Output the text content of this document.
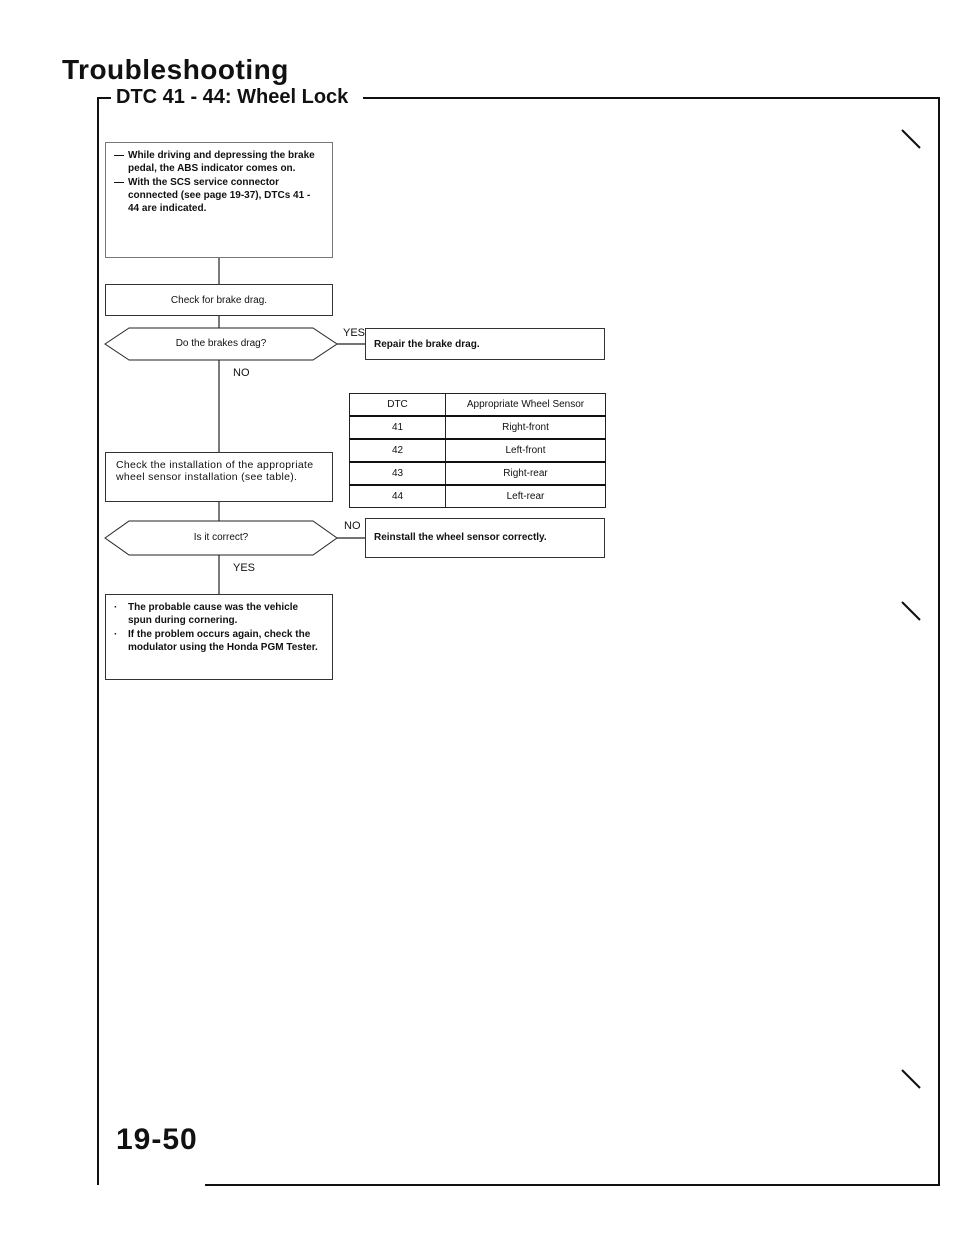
Troubleshooting
DTC 41 - 44: Wheel Lock
— While driving and depressing the brake pedal, the ABS indicator comes on.
— With the SCS service connector connected (see page 19-37), DTCs 41 - 44 are indicated.
Check for brake drag.
Do the brakes drag?
YES
Repair the brake drag.
NO
DTC	Appropriate Wheel Sensor
41	Right-front
42	Left-front
43	Right-rear
44	Left-rear
Check the installation of the appropriate wheel sensor installation (see table).
Is it correct?
NO
Reinstall the wheel sensor correctly.
YES
· The probable cause was the vehicle spun during cornering.
· If the problem occurs again, check the modulator using the Honda PGM Tester.
19-50
